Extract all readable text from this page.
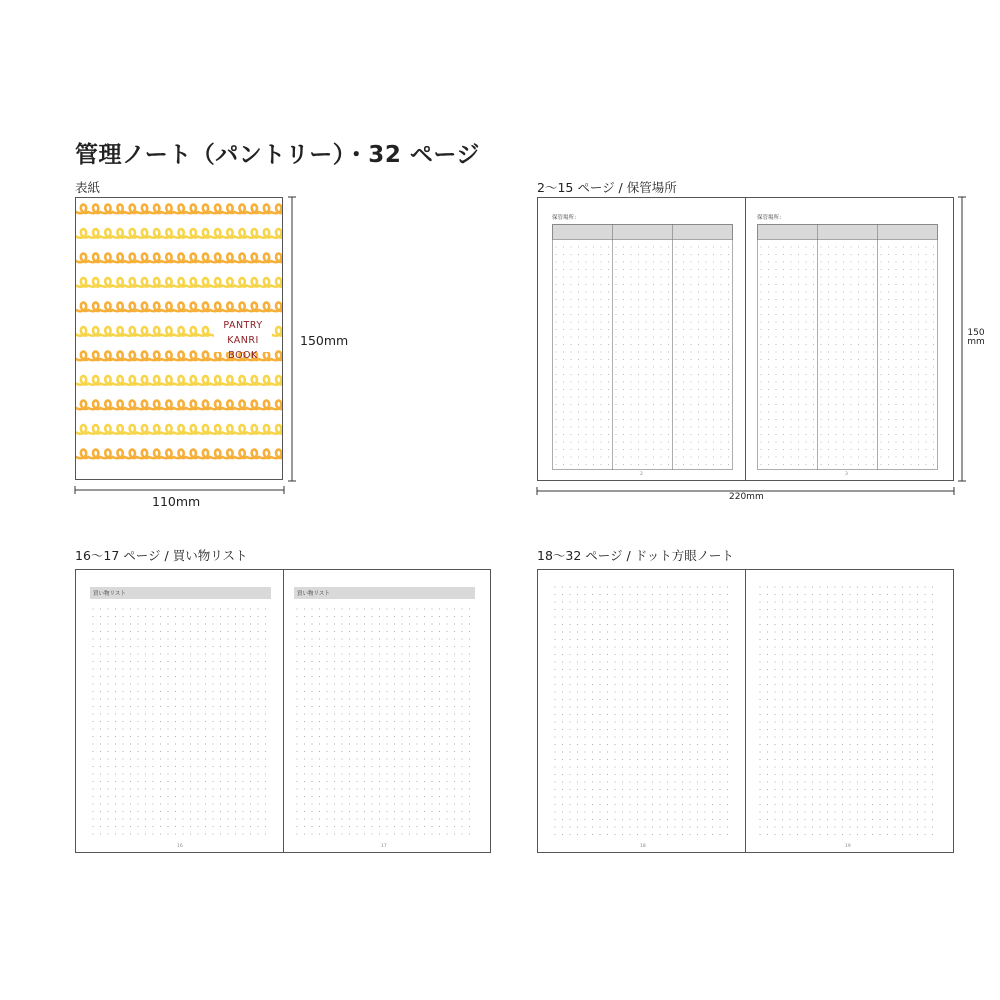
管理ノート（パントリー）・32 ページ
表紙
PANTRY
KANRI BOOK
150mm
110mm
2〜15 ページ / 保管場所
保管場所：
2
保管場所：
3
150
mm
220mm
16〜17 ページ / 買い物リスト
買い物リスト
16
買い物リスト
17
18〜32 ページ / ドット方眼ノート
18	19
